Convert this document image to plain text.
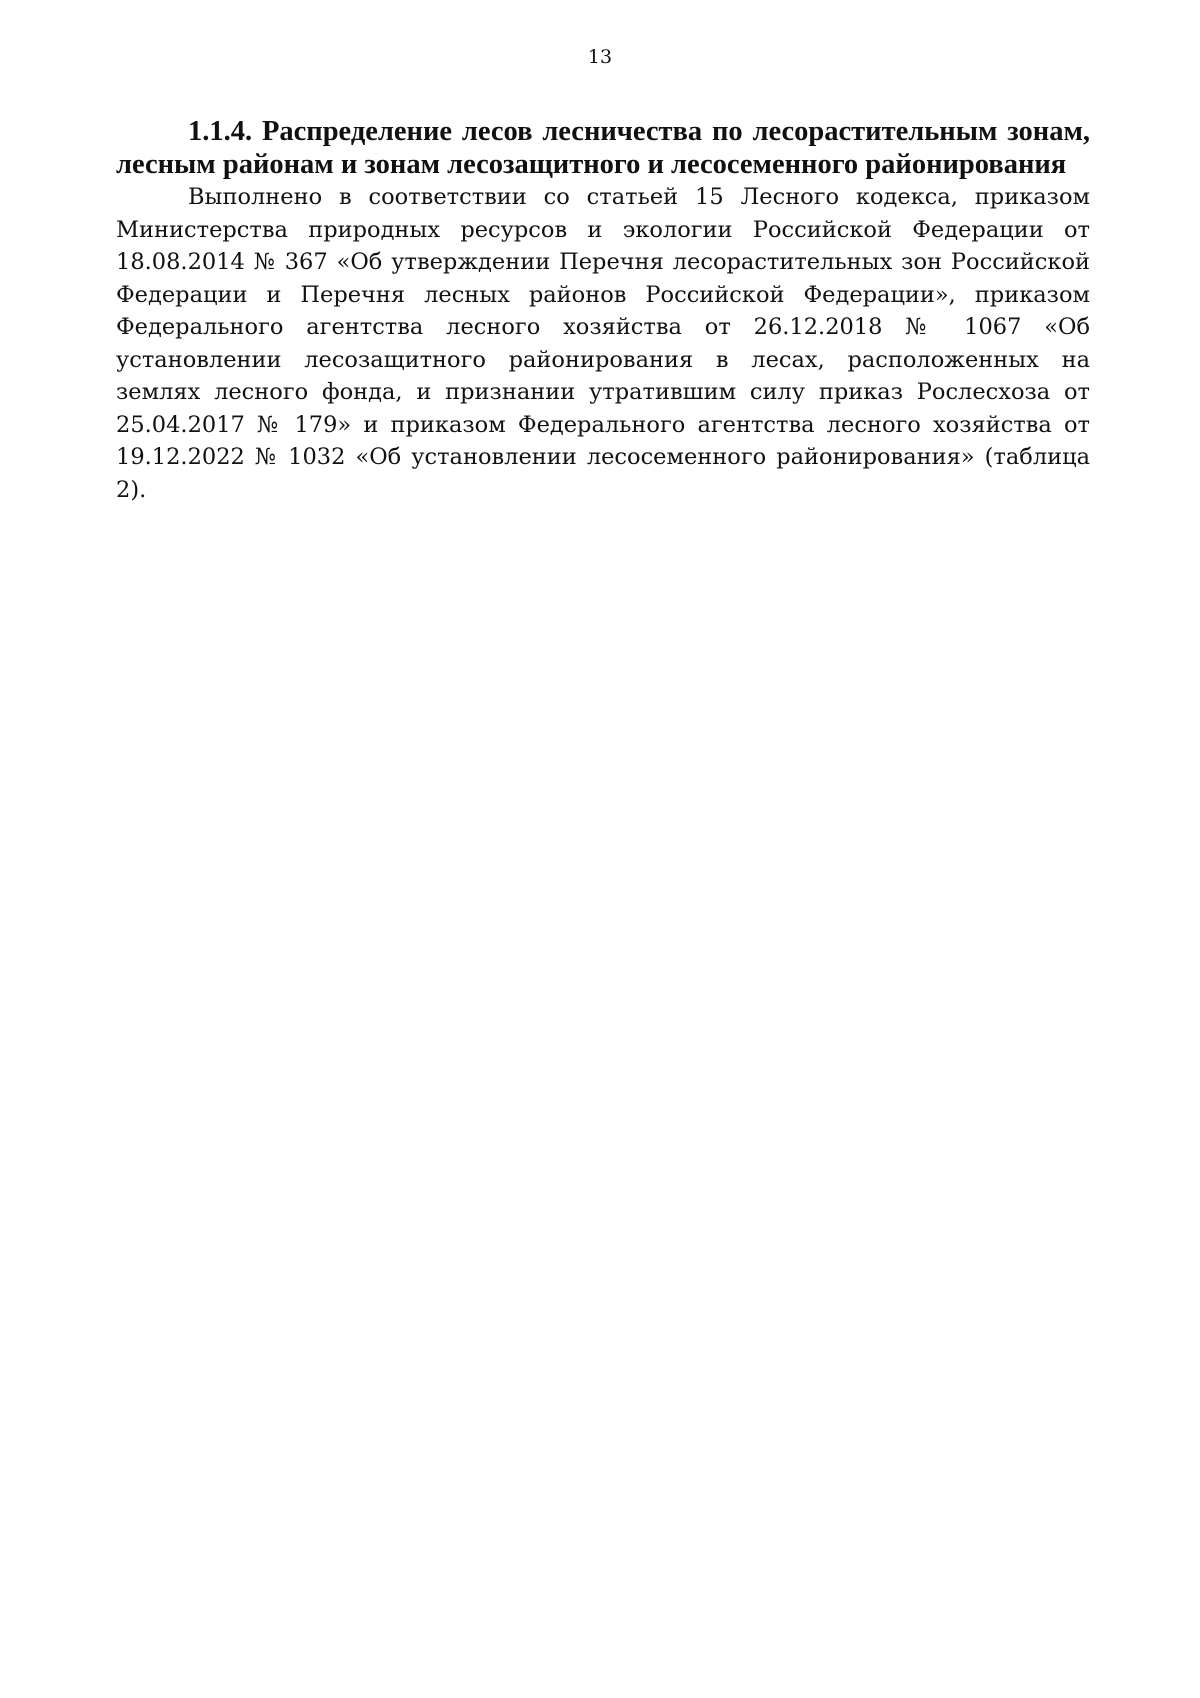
13
1.1.4. Распределение лесов лесничества по лесорастительным зонам, лесным районам и зонам лесозащитного и лесосеменного районирования

Выполнено в соответствии со статьей 15 Лесного кодекса, приказом Министерства природных ресурсов и экологии Российской Федерации от 18.08.2014 № 367 «Об утверждении Перечня лесорастительных зон Российской Федерации и Перечня лесных районов Российской Федерации», приказом Федерального агентства лесного хозяйства от 26.12.2018 № 1067 «Об установлении лесозащитного районирования в лесах, расположенных на землях лесного фонда, и признании утратившим силу приказ Рослесхоза от 25.04.2017 № 179» и приказом Федерального агентства лесного хозяйства от 19.12.2022 № 1032 «Об установлении лесосеменного районирования» (таблица 2).
